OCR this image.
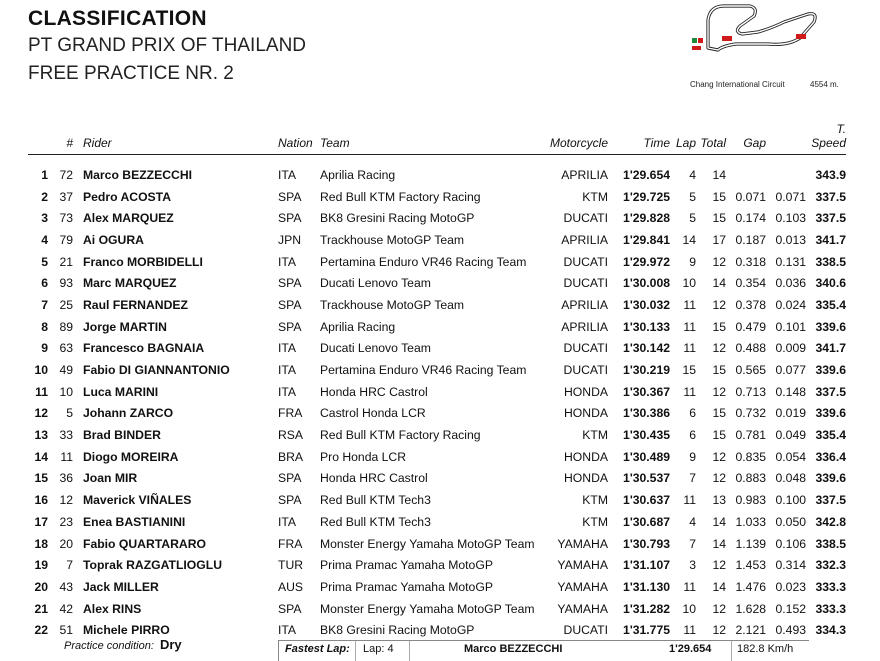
CLASSIFICATION

PT GRAND PRIX OF THAILAND

FREE PRACTICE NR. 2

Chang International Circuit	4554 m.
	#	Rider	Nation	Team	Motorcycle	Time	Lap	Total	Gap		T. Speed

1	72	Marco BEZZECCHI	ITA	Aprilia Racing	APRILIA	1'29.654	4	14			343.9
2	37	Pedro ACOSTA	SPA	Red Bull KTM Factory Racing	KTM	1'29.725	5	15	0.071	0.071	337.5
3	73	Alex MARQUEZ	SPA	BK8 Gresini Racing MotoGP	DUCATI	1'29.828	5	15	0.174	0.103	337.5
4	79	Ai OGURA	JPN	Trackhouse MotoGP Team	APRILIA	1'29.841	14	17	0.187	0.013	341.7
5	21	Franco MORBIDELLI	ITA	Pertamina Enduro VR46 Racing Team	DUCATI	1'29.972	9	12	0.318	0.131	338.5
6	93	Marc MARQUEZ	SPA	Ducati Lenovo Team	DUCATI	1'30.008	10	14	0.354	0.036	340.6
7	25	Raul FERNANDEZ	SPA	Trackhouse MotoGP Team	APRILIA	1'30.032	11	12	0.378	0.024	335.4
8	89	Jorge MARTIN	SPA	Aprilia Racing	APRILIA	1'30.133	11	15	0.479	0.101	339.6
9	63	Francesco BAGNAIA	ITA	Ducati Lenovo Team	DUCATI	1'30.142	11	12	0.488	0.009	341.7
10	49	Fabio DI GIANNANTONIO	ITA	Pertamina Enduro VR46 Racing Team	DUCATI	1'30.219	15	15	0.565	0.077	339.6
11	10	Luca MARINI	ITA	Honda HRC Castrol	HONDA	1'30.367	11	12	0.713	0.148	337.5
12	5	Johann ZARCO	FRA	Castrol Honda LCR	HONDA	1'30.386	6	15	0.732	0.019	339.6
13	33	Brad BINDER	RSA	Red Bull KTM Factory Racing	KTM	1'30.435	6	15	0.781	0.049	335.4
14	11	Diogo MOREIRA	BRA	Pro Honda LCR	HONDA	1'30.489	9	12	0.835	0.054	336.4
15	36	Joan MIR	SPA	Honda HRC Castrol	HONDA	1'30.537	7	12	0.883	0.048	339.6
16	12	Maverick VIÑALES	SPA	Red Bull KTM Tech3	KTM	1'30.637	11	13	0.983	0.100	337.5
17	23	Enea BASTIANINI	ITA	Red Bull KTM Tech3	KTM	1'30.687	4	14	1.033	0.050	342.8
18	20	Fabio QUARTARARO	FRA	Monster Energy Yamaha MotoGP Team	YAMAHA	1'30.793	7	14	1.139	0.106	338.5
19	7	Toprak RAZGATLIOGLU	TUR	Prima Pramac Yamaha MotoGP	YAMAHA	1'31.107	3	12	1.453	0.314	332.3
20	43	Jack MILLER	AUS	Prima Pramac Yamaha MotoGP	YAMAHA	1'31.130	11	14	1.476	0.023	333.3
21	42	Alex RINS	SPA	Monster Energy Yamaha MotoGP Team	YAMAHA	1'31.282	10	12	1.628	0.152	333.3
22	51	Michele PIRRO	ITA	BK8 Gresini Racing MotoGP	DUCATI	1'31.775	11	12	2.121	0.493	334.3
Practice condition: Dry	Fastest Lap: Lap: 4	Marco BEZZECCHI	1'29.654 182.8 Km/h
